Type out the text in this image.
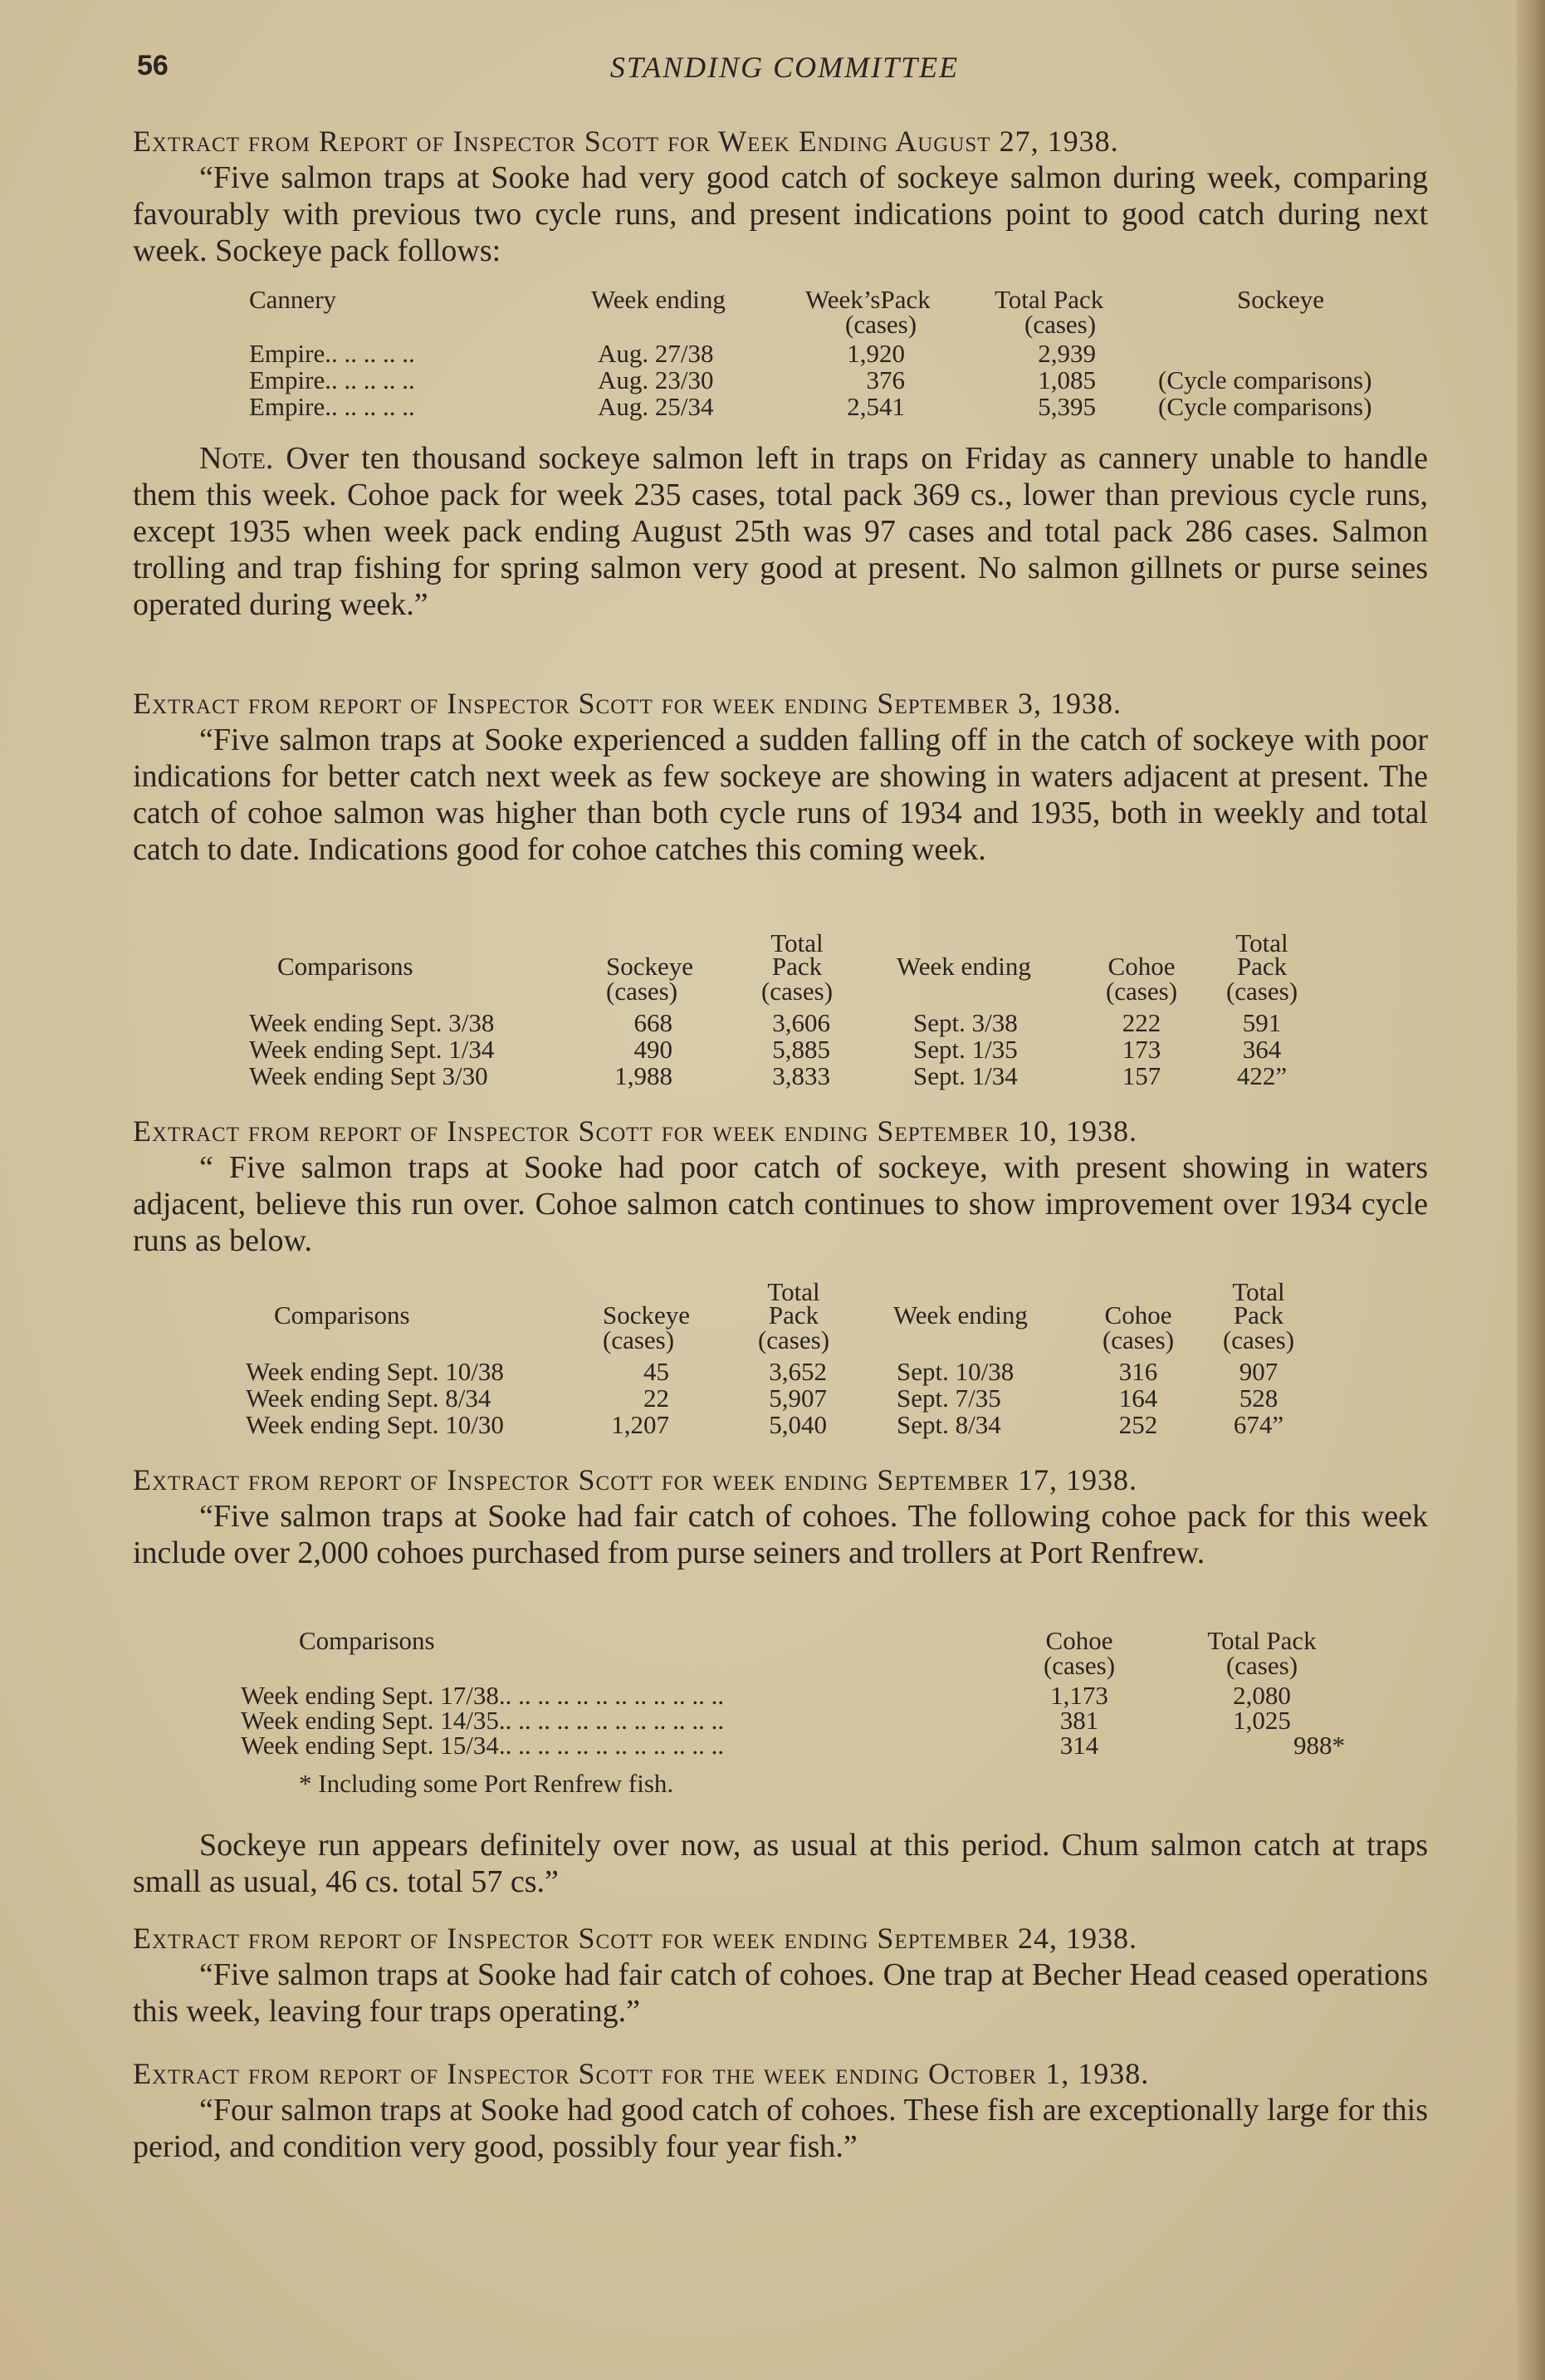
56	STANDING COMMITTEE
Extract from Report of Inspector Scott for Week Ending August 27, 1938.
“Five salmon traps at Sooke had very good catch of sockeye salmon during week, comparing favourably with previous two cycle runs, and present indications point to good catch during next week. Sockeye pack follows:
Cannery	Week ending	Week’sPack
(cases)
Total Pack
(cases)
Sockeye
Empire.. .. .. .. ..	Aug. 27/38	1,920	2,939
Empire.. .. .. .. ..	Aug. 23/30	376	1,085 (Cycle comparisons)
Empire.. .. .. .. ..	Aug. 25/34	2,541	5,395 (Cycle comparisons)
Note. Over ten thousand sockeye salmon left in traps on Friday as cannery unable to handle them this week. Cohoe pack for week 235 cases, total pack 369 cs., lower than previous cycle runs, except 1935 when week pack ending August 25th was 97 cases and total pack 286 cases. Salmon trolling and trap fishing for spring salmon very good at present. No salmon gillnets or purse seines operated during week.”
Extract from report of Inspector Scott for week ending September 3, 1938.
“Five salmon traps at Sooke experienced a sudden falling off in the catch of sockeye with poor indications for better catch next week as few sockeye are showing in waters adjacent at present. The catch of cohoe salmon was higher than both cycle runs of 1934 and 1935, both in weekly and total catch to date. Indications good for cohoe catches this coming week.
Comparisons	Sockeye
(cases)
Total
Pack
(cases)
Week ending	Cohoe
(cases)
Total
Pack
(cases)
Week ending Sept. 3/38	668	3,606	Sept. 3/38	222	591
Week ending Sept. 1/34	490	5,885	Sept. 1/35	173	364
Week ending Sept 3/30	1,988	3,833	Sept. 1/34	157	422”
Extract from report of Inspector Scott for week ending September 10, 1938.
“ Five salmon traps at Sooke had poor catch of sockeye, with present showing in waters adjacent, believe this run over. Cohoe salmon catch continues to show improvement over 1934 cycle runs as below.
Comparisons	Sockeye
(cases)
Total
Pack
(cases)
Week ending	Cohoe
(cases)
Total
Pack
(cases)
Week ending Sept. 10/38	45	3,652	Sept. 10/38	316	907
Week ending Sept. 8/34	22	5,907	Sept. 7/35	164	528
Week ending Sept. 10/30	1,207	5,040	Sept. 8/34	252	674”
Extract from report of Inspector Scott for week ending September 17, 1938.
“Five salmon traps at Sooke had fair catch of cohoes. The following cohoe pack for this week include over 2,000 cohoes purchased from purse seiners and trollers at Port Renfrew.
Comparisons	Cohoe
(cases)
Total Pack
(cases)
Week ending Sept. 17/38.. .. .. .. .. .. .. .. .. .. .. ..	1,173	2,080
Week ending Sept. 14/35.. .. .. .. .. .. .. .. .. .. .. ..	381	1,025
Week ending Sept. 15/34.. .. .. .. .. .. .. .. .. .. .. ..	314	988*
* Including some Port Renfrew fish.
Sockeye run appears definitely over now, as usual at this period. Chum salmon catch at traps small as usual, 46 cs. total 57 cs.”
Extract from report of Inspector Scott for week ending September 24, 1938.
“Five salmon traps at Sooke had fair catch of cohoes. One trap at Becher Head ceased operations this week, leaving four traps operating.”
Extract from report of Inspector Scott for the week ending October 1, 1938.
“Four salmon traps at Sooke had good catch of cohoes. These fish are exceptionally large for this period, and condition very good, possibly four year fish.”
